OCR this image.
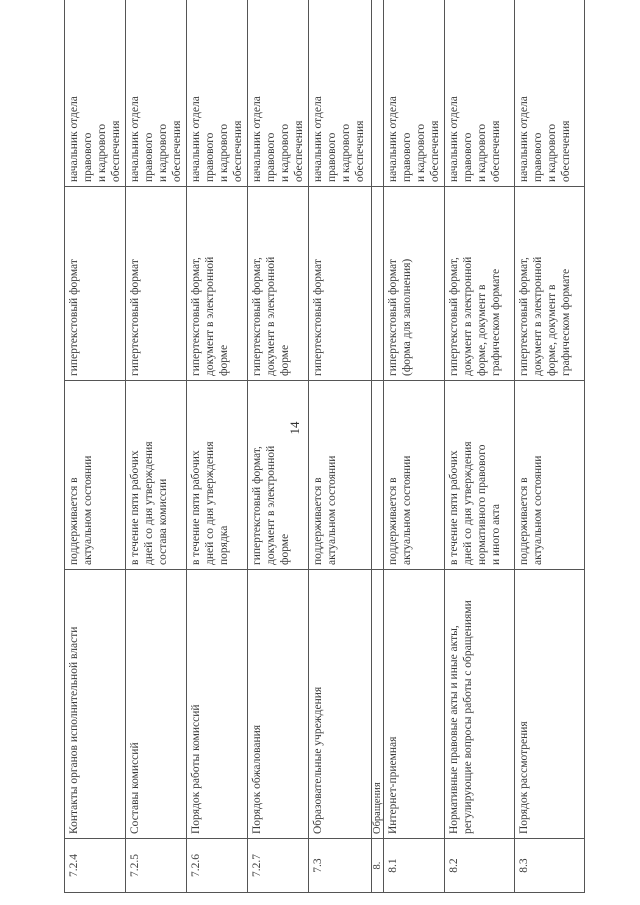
14
7.2.4	Контакты органов исполнительной власти	поддерживается в актуальном состоянии	гипертекстовый формат	начальник отдела правового и кадрового обеспечения

7.2.5	Составы комиссий	в течение пяти рабочих дней со дня утверждения состава комиссии	гипертекстовый формат	начальник отдела правового и кадрового обеспечения

7.2.6	Порядок работы комиссий	в течение пяти рабочих дней со дня утверждения порядка	гипертекстовый формат, документ в электронной форме	начальник отдела правового и кадрового обеспечения

7.2.7	Порядок обжалования	гипертекстовый формат, документ в электронной форме	гипертекстовый формат, документ в электронной форме	начальник отдела правового и кадрового обеспечения

7.3	Образовательные учреждения	поддерживается в актуальном состоянии	гипертекстовый формат	начальник отдела правового и кадрового обеспечения

8.	Обращения			

8.1	Интернет-приемная	поддерживается в актуальном состоянии	гипертекстовый формат (форма для заполнения)	начальник отдела правового и кадрового обеспечения

8.2	Нормативные правовые акты и иные акты, регулирующие вопросы работы с обращениями	в течение пяти рабочих дней со дня утверждения нормативного правового и иного акта	гипертекстовый формат, документ в электронной форме, документ в графическом формате	начальник отдела правового и кадрового обеспечения

8.3	Порядок рассмотрения	поддерживается в актуальном состоянии	гипертекстовый формат, документ в электронной форме, документ в графическом формате	начальник отдела правового и кадрового обеспечения
